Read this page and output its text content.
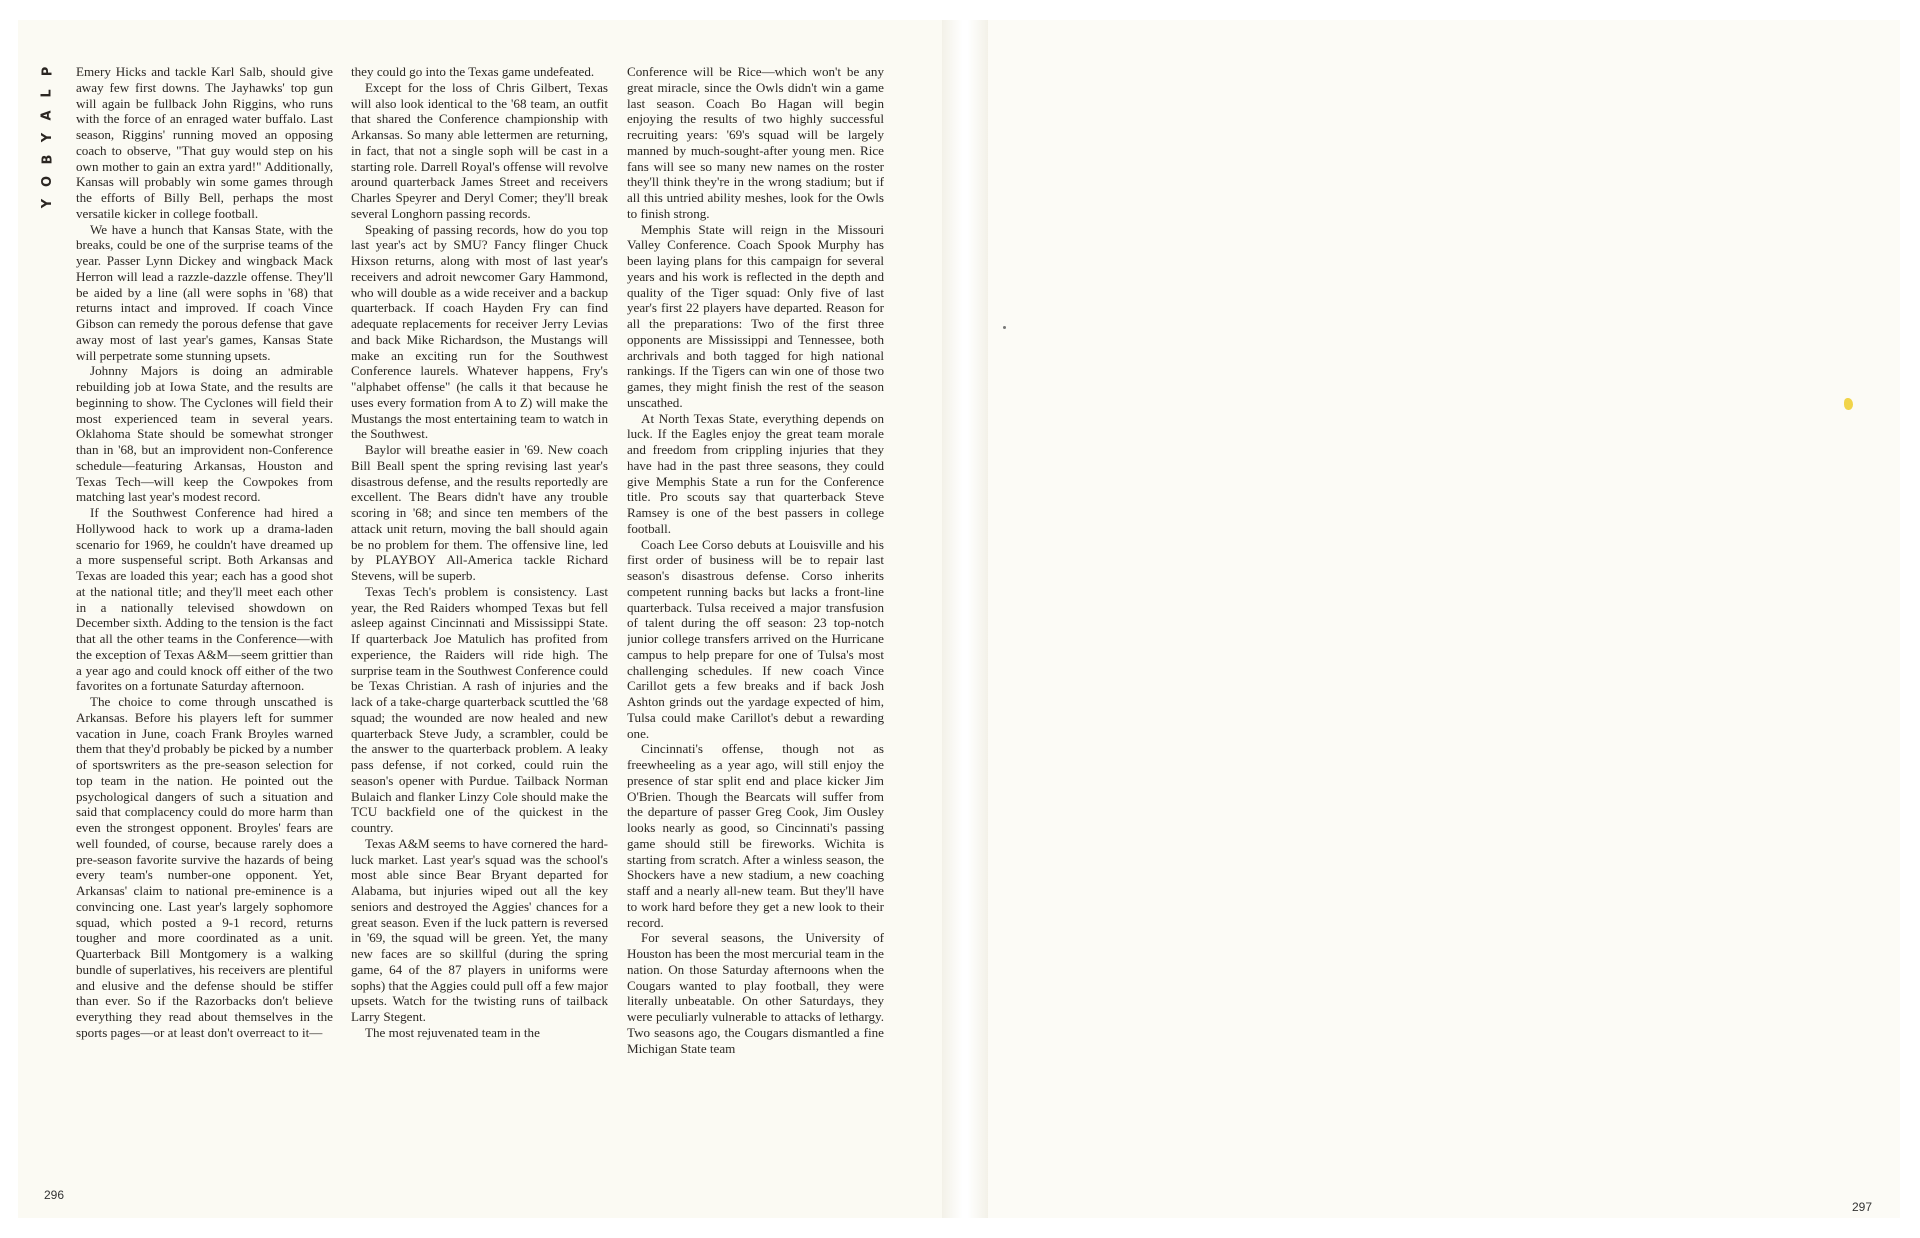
P
L
A
Y
B
O
Y

Emery Hicks and tackle Karl Salb, should give away few first downs. The Jayhawks' top gun will again be fullback John Riggins, who runs with the force of an enraged water buffalo. Last season, Riggins' running moved an opposing coach to observe, "That guy would step on his own mother to gain an extra yard!" Additionally, Kansas will probably win some games through the efforts of Billy Bell, perhaps the most versatile kicker in college football.

We have a hunch that Kansas State, with the breaks, could be one of the surprise teams of the year. Passer Lynn Dickey and wingback Mack Herron will lead a razzle-dazzle offense. They'll be aided by a line (all were sophs in '68) that returns intact and improved. If coach Vince Gibson can remedy the porous defense that gave away most of last year's games, Kansas State will perpetrate some stunning upsets.

Johnny Majors is doing an admirable rebuilding job at Iowa State, and the results are beginning to show. The Cyclones will field their most experienced team in several years. Oklahoma State should be somewhat stronger than in '68, but an improvident non-Conference schedule—featuring Arkansas, Houston and Texas Tech—will keep the Cowpokes from matching last year's modest record.

If the Southwest Conference had hired a Hollywood hack to work up a drama-laden scenario for 1969, he couldn't have dreamed up a more suspenseful script. Both Arkansas and Texas are loaded this year; each has a good shot at the national title; and they'll meet each other in a nationally televised showdown on December sixth. Adding to the tension is the fact that all the other teams in the Conference—with the exception of Texas A&M—seem grittier than a year ago and could knock off either of the two favorites on a fortunate Saturday afternoon.

The choice to come through unscathed is Arkansas. Before his players left for summer vacation in June, coach Frank Broyles warned them that they'd probably be picked by a number of sportswriters as the pre-season selection for top team in the nation. He pointed out the psychological dangers of such a situation and said that complacency could do more harm than even the strongest opponent. Broyles' fears are well founded, of course, because rarely does a pre-season favorite survive the hazards of being every team's number-one opponent. Yet, Arkansas' claim to national pre-eminence is a convincing one. Last year's largely sophomore squad, which posted a 9-1 record, returns tougher and more coordinated as a unit. Quarterback Bill Montgomery is a walking bundle of superlatives, his receivers are plentiful and elusive and the defense should be stiffer than ever. So if the Razorbacks don't believe everything they read about themselves in the sports pages—or at least don't overreact to it—

they could go into the Texas game undefeated.

Except for the loss of Chris Gilbert, Texas will also look identical to the '68 team, an outfit that shared the Conference championship with Arkansas. So many able lettermen are returning, in fact, that not a single soph will be cast in a starting role. Darrell Royal's offense will revolve around quarterback James Street and receivers Charles Speyrer and Deryl Comer; they'll break several Longhorn passing records.

Speaking of passing records, how do you top last year's act by SMU? Fancy flinger Chuck Hixson returns, along with most of last year's receivers and adroit newcomer Gary Hammond, who will double as a wide receiver and a backup quarterback. If coach Hayden Fry can find adequate replacements for receiver Jerry Levias and back Mike Richardson, the Mustangs will make an exciting run for the Southwest Conference laurels. Whatever happens, Fry's "alphabet offense" (he calls it that because he uses every formation from A to Z) will make the Mustangs the most entertaining team to watch in the Southwest.

Baylor will breathe easier in '69. New coach Bill Beall spent the spring revising last year's disastrous defense, and the results reportedly are excellent. The Bears didn't have any trouble scoring in '68; and since ten members of the attack unit return, moving the ball should again be no problem for them. The offensive line, led by PLAYBOY All-America tackle Richard Stevens, will be superb.

Texas Tech's problem is consistency. Last year, the Red Raiders whomped Texas but fell asleep against Cincinnati and Mississippi State. If quarterback Joe Matulich has profited from experience, the Raiders will ride high. The surprise team in the Southwest Conference could be Texas Christian. A rash of injuries and the lack of a take-charge quarterback scuttled the '68 squad; the wounded are now healed and new quarterback Steve Judy, a scrambler, could be the answer to the quarterback problem. A leaky pass defense, if not corked, could ruin the season's opener with Purdue. Tailback Norman Bulaich and flanker Linzy Cole should make the TCU backfield one of the quickest in the country.

Texas A&M seems to have cornered the hard-luck market. Last year's squad was the school's most able since Bear Bryant departed for Alabama, but injuries wiped out all the key seniors and destroyed the Aggies' chances for a great season. Even if the luck pattern is reversed in '69, the squad will be green. Yet, the many new faces are so skillful (during the spring game, 64 of the 87 players in uniforms were sophs) that the Aggies could pull off a few major upsets. Watch for the twisting runs of tailback Larry Stegent.

The most rejuvenated team in the

Conference will be Rice—which won't be any great miracle, since the Owls didn't win a game last season. Coach Bo Hagan will begin enjoying the results of two highly successful recruiting years: '69's squad will be largely manned by much-sought-after young men. Rice fans will see so many new names on the roster they'll think they're in the wrong stadium; but if all this untried ability meshes, look for the Owls to finish strong.

Memphis State will reign in the Missouri Valley Conference. Coach Spook Murphy has been laying plans for this campaign for several years and his work is reflected in the depth and quality of the Tiger squad: Only five of last year's first 22 players have departed. Reason for all the preparations: Two of the first three opponents are Mississippi and Tennessee, both archrivals and both tagged for high national rankings. If the Tigers can win one of those two games, they might finish the rest of the season unscathed.

At North Texas State, everything depends on luck. If the Eagles enjoy the great team morale and freedom from crippling injuries that they have had in the past three seasons, they could give Memphis State a run for the Conference title. Pro scouts say that quarterback Steve Ramsey is one of the best passers in college football.

Coach Lee Corso debuts at Louisville and his first order of business will be to repair last season's disastrous defense. Corso inherits competent running backs but lacks a front-line quarterback. Tulsa received a major transfusion of talent during the off season: 23 top-notch junior college transfers arrived on the Hurricane campus to help prepare for one of Tulsa's most challenging schedules. If new coach Vince Carillot gets a few breaks and if back Josh Ashton grinds out the yardage expected of him, Tulsa could make Carillot's debut a rewarding one.

Cincinnati's offense, though not as freewheeling as a year ago, will still enjoy the presence of star split end and place kicker Jim O'Brien. Though the Bearcats will suffer from the departure of passer Greg Cook, Jim Ousley looks nearly as good, so Cincinnati's passing game should still be fireworks. Wichita is starting from scratch. After a winless season, the Shockers have a new stadium, a new coaching staff and a nearly all-new team. But they'll have to work hard before they get a new look to their record.

For several seasons, the University of Houston has been the most mercurial team in the nation. On those Saturday afternoons when the Cougars wanted to play football, they were literally unbeatable. On other Saturdays, they were peculiarly vulnerable to attacks of lethargy. Two seasons ago, the Cougars dismantled a fine Michigan State team

296
297
